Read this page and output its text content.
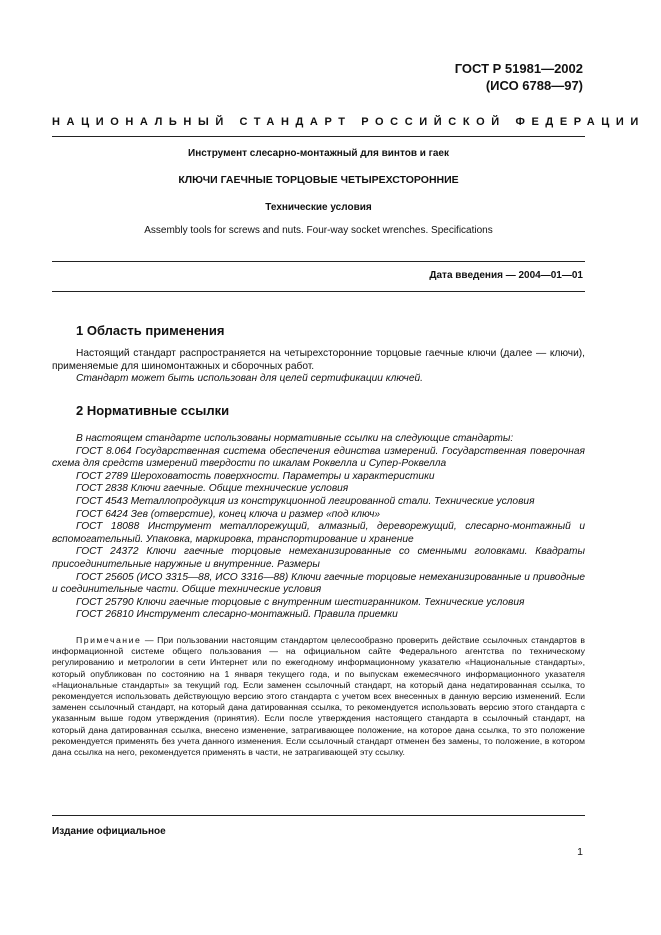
ГОСТ Р 51981—2002
(ИСО 6788—97)
НАЦИОНАЛЬНЫЙ СТАНДАРТ РОССИЙСКОЙ ФЕДЕРАЦИИ
Инструмент слесарно-монтажный для винтов и гаек
КЛЮЧИ ГАЕЧНЫЕ ТОРЦОВЫЕ ЧЕТЫРЕХСТОРОННИЕ
Технические условия
Assembly tools for screws and nuts. Four-way socket wrenches. Specifications
Дата введения — 2004—01—01
1 Область применения

Настоящий стандарт распространяется на четырехсторонние торцовые гаечные ключи (далее — ключи), применяемые для шиномонтажных и сборочных работ.

Стандарт может быть использован для целей сертификации ключей.

2 Нормативные ссылки

В настоящем стандарте использованы нормативные ссылки на следующие стандарты:

ГОСТ 8.064 Государственная система обеспечения единства измерений. Государственная поверочная схема для средств измерений твердости по шкалам Роквелла и Супер-Роквелла

ГОСТ 2789 Шероховатость поверхности. Параметры и характеристики

ГОСТ 2838 Ключи гаечные. Общие технические условия

ГОСТ 4543 Металлопродукция из конструкционной легированной стали. Технические условия

ГОСТ 6424 Зев (отверстие), конец ключа и размер «под ключ»

ГОСТ 18088 Инструмент металлорежущий, алмазный, дереворежущий, слесарно-монтажный и вспомогательный. Упаковка, маркировка, транспортирование и хранение

ГОСТ 24372 Ключи гаечные торцовые немеханизированные со сменными головками. Квадраты присоединительные наружные и внутренние. Размеры

ГОСТ 25605 (ИСО 3315—88, ИСО 3316—88) Ключи гаечные торцовые немеханизированные и приводные и соединительные части. Общие технические условия

ГОСТ 25790 Ключи гаечные торцовые с внутренним шестигранником. Технические условия

ГОСТ 26810 Инструмент слесарно-монтажный. Правила приемки

Примечание — При пользовании настоящим стандартом целесообразно проверить действие ссылочных стандартов в информационной системе общего пользования — на официальном сайте Федерального агентства по техническому регулированию и метрологии в сети Интернет или по ежегодному информационному указателю «Национальные стандарты», который опубликован по состоянию на 1 января текущего года, и по выпускам ежемесячного информационного указателя «Национальные стандарты» за текущий год. Если заменен ссылочный стандарт, на который дана недатированная ссылка, то рекомендуется использовать действующую версию этого стандарта с учетом всех внесенных в данную версию изменений. Если заменен ссылочный стандарт, на который дана датированная ссылка, то рекомендуется использовать версию этого стандарта с указанным выше годом утверждения (принятия). Если после утверждения настоящего стандарта в ссылочный стандарт, на который дана датированная ссылка, внесено изменение, затрагивающее положение, на которое дана ссылка, то это положение рекомендуется применять без учета данного изменения. Если ссылочный стандарт отменен без замены, то положение, в котором дана ссылка на него, рекомендуется применять в части, не затрагивающей эту ссылку.

Издание официальное
1
